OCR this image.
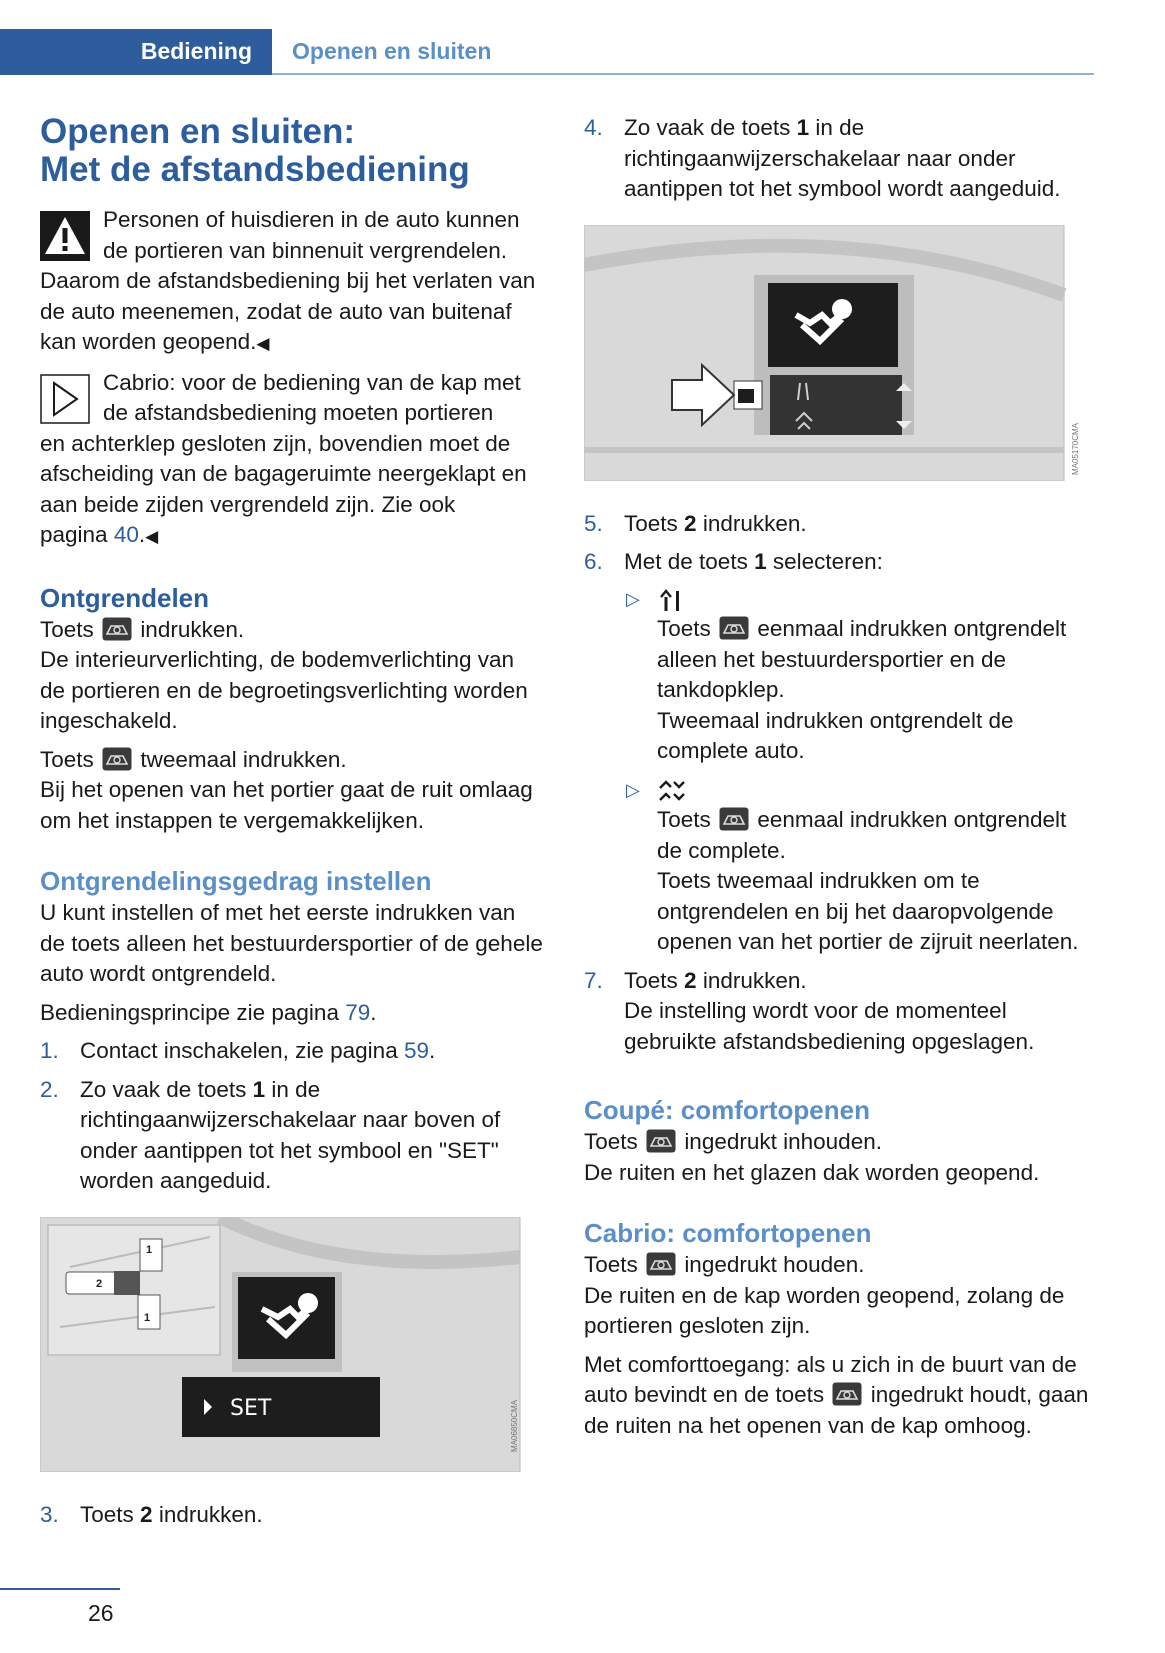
Bediening Openen en sluiten
Openen en sluiten:
Met de afstandsbediening

Personen of huisdieren in de auto kunnen

de portieren van binnenuit vergrendelen.

Daarom de afstandsbediening bij het verlaten van de auto meenemen, zodat de auto van buitenaf kan worden geopend.◀

Cabrio: voor de bediening van de kap met

de afstandsbediening moeten portieren

en achterklep gesloten zijn, bovendien moet de afscheiding van de bagageruimte neergeklapt en aan beide zijden vergrendeld zijn. Zie ook
pagina 40.◀

Ontgrendelen

Toets indrukken.
De interieurverlichting, de bodemverlichting van de portieren en de begroetingsverlichting worden ingeschakeld.

Toets tweemaal indrukken.
Bij het openen van het portier gaat de ruit omlaag om het instappen te vergemakkelijken.

Ontgrendelingsgedrag instellen

U kunt instellen of met het eerste indrukken van de toets alleen het bestuurdersportier of de gehele auto wordt ontgrendeld.

Bedieningsprincipe zie pagina 79.

1. Contact inschakelen, zie pagina 59.
2. Zo vaak de toets 1 in de richtingaanwijzerschakelaar naar boven of onder aantippen tot het symbool en "SET" worden aangeduid.
1
2
1
SET	MA06850CMA
3. Toets 2 indrukken.
4. Zo vaak de toets 1 in de richtingaanwijzerschakelaar naar onder aantippen tot het symbool wordt aangeduid.
MA05170CMA
5. Toets 2 indrukken.
6. Met de toets 1 selecteren:
▷

Toets eenmaal indrukken ontgrendelt alleen het bestuurdersportier en de tankdopklep.
Tweemaal indrukken ontgrendelt de complete auto.
▷

Toets eenmaal indrukken ontgrendelt de complete.
Toets tweemaal indrukken om te ontgrendelen en bij het daaropvolgende openen van het portier de zijruit neerlaten.
7. Toets 2 indrukken.
De instelling wordt voor de momenteel gebruikte afstandsbediening opgeslagen.
Coupé: comfortopenen

Toets ingedrukt inhouden.
De ruiten en het glazen dak worden geopend.

Cabrio: comfortopenen

Toets ingedrukt houden.
De ruiten en de kap worden geopend, zolang de portieren gesloten zijn.

Met comforttoegang: als u zich in de buurt van de auto bevindt en de toets ingedrukt houdt, gaan de ruiten na het openen van de kap omhoog.

26
